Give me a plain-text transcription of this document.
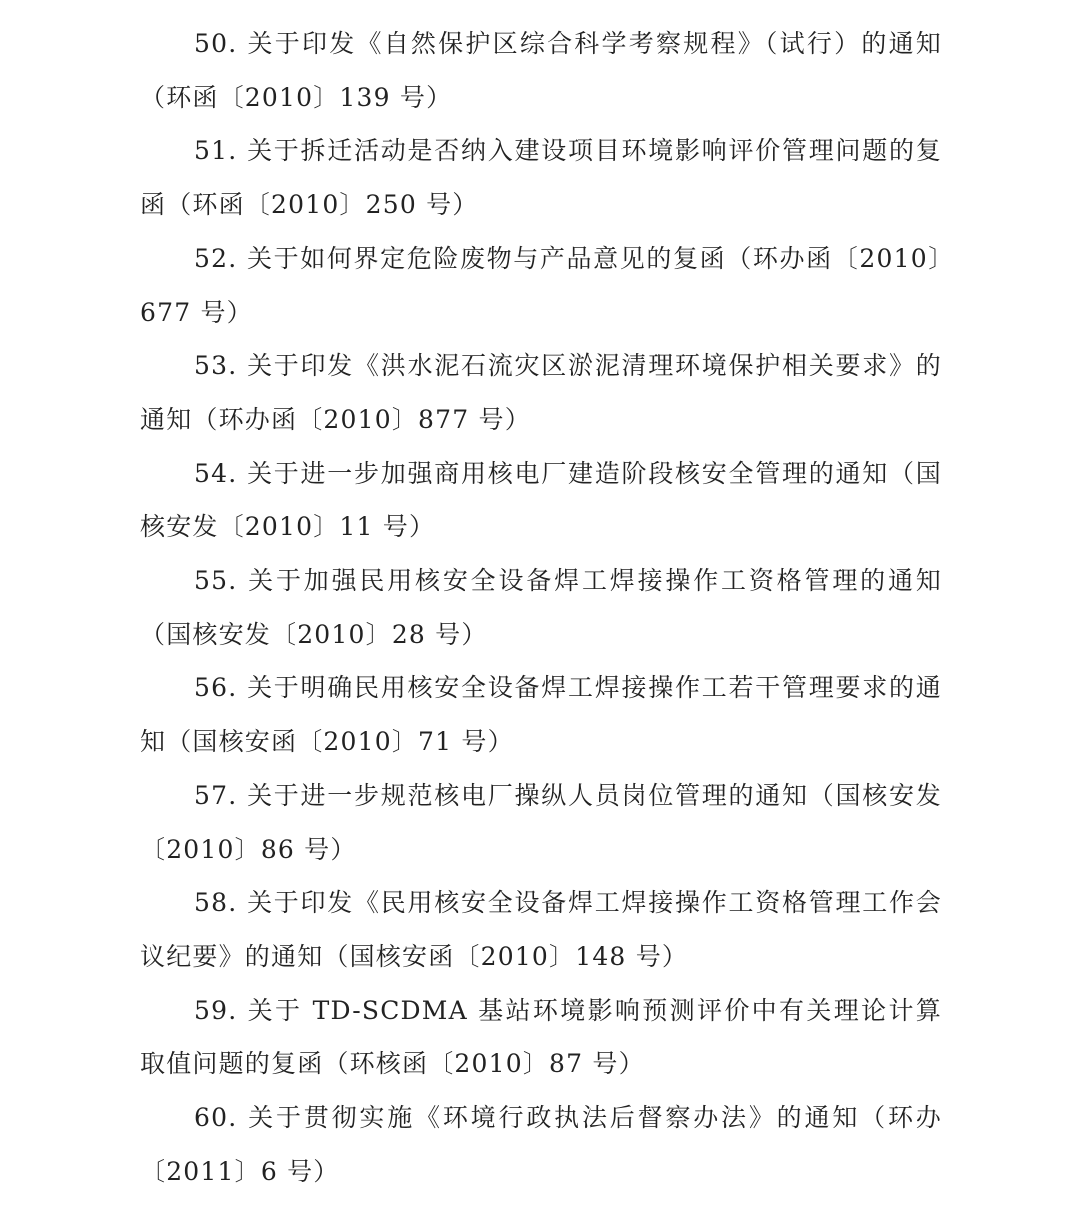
50. 关于印发《自然保护区综合科学考察规程》（试行）的通知（环函〔2010〕139 号）

51. 关于拆迁活动是否纳入建设项目环境影响评价管理问题的复函（环函〔2010〕250 号）

52. 关于如何界定危险废物与产品意见的复函（环办函〔2010〕677 号）

53. 关于印发《洪水泥石流灾区淤泥清理环境保护相关要求》的通知（环办函〔2010〕877 号）

54. 关于进一步加强商用核电厂建造阶段核安全管理的通知（国核安发〔2010〕11 号）

55. 关于加强民用核安全设备焊工焊接操作工资格管理的通知（国核安发〔2010〕28 号）

56. 关于明确民用核安全设备焊工焊接操作工若干管理要求的通知（国核安函〔2010〕71 号）

57. 关于进一步规范核电厂操纵人员岗位管理的通知（国核安发〔2010〕86 号）

58. 关于印发《民用核安全设备焊工焊接操作工资格管理工作会议纪要》的通知（国核安函〔2010〕148 号）

59. 关于 TD-SCDMA 基站环境影响预测评价中有关理论计算取值问题的复函（环核函〔2010〕87 号）

60. 关于贯彻实施《环境行政执法后督察办法》的通知（环办〔2011〕6 号）
